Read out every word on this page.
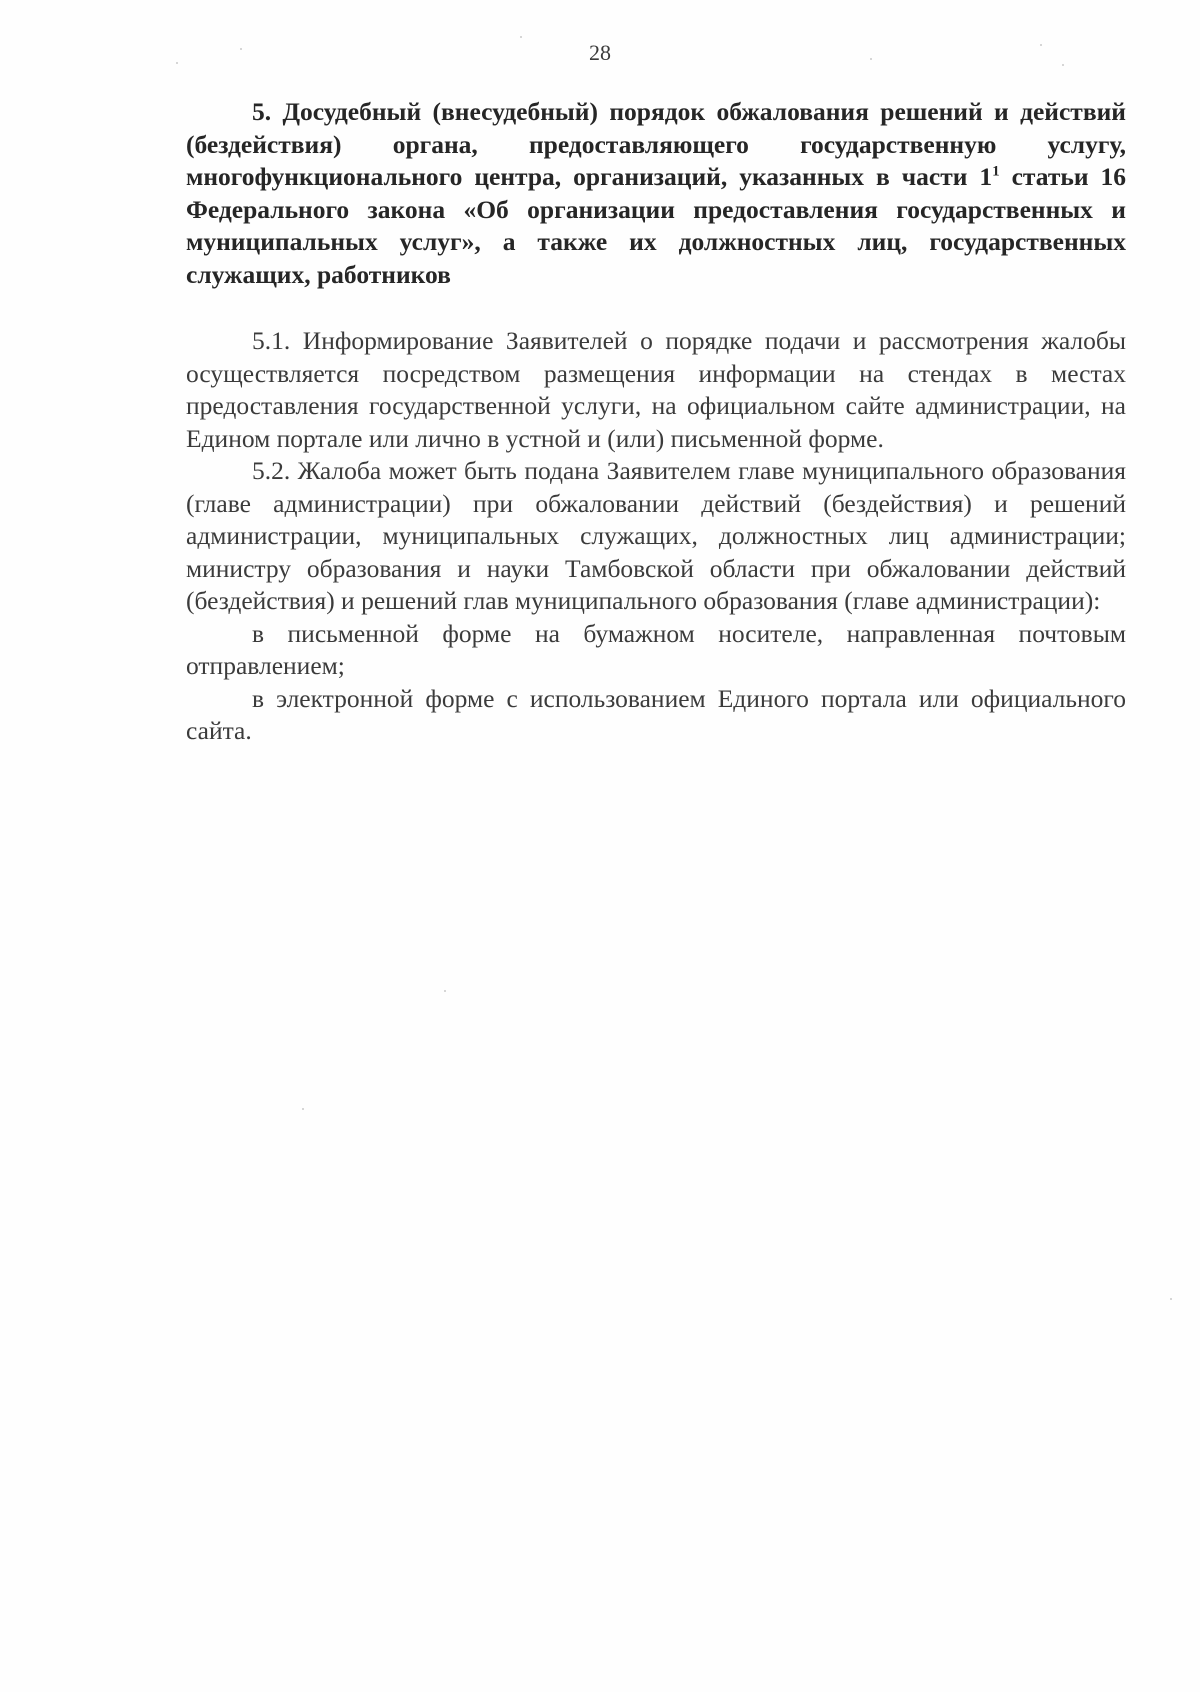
28

5. Досудебный (внесудебный) порядок обжалования решений и действий (бездействия) органа, предоставляющего государственную услугу, многофункционального центра, организаций, указанных в части $1^1$ статьи 16 Федерального закона «Об организации предоставления государственных и муниципальных услуг», а также их должностных лиц, государственных служащих, работников

5.1. Информирование Заявителей о порядке подачи и рассмотрения жалобы осуществляется посредством размещения информации на стендах в местах предоставления государственной услуги, на официальном сайте администрации, на Едином портале или лично в устной и (или) письменной форме.

5.2. Жалоба может быть подана Заявителем главе муниципального образования (главе администрации) при обжаловании действий (бездействия) и решений администрации, муниципальных служащих, должностных лиц администрации; министру образования и науки Тамбовской области при обжаловании действий (бездействия) и решений глав муниципального образования (главе администрации):

в письменной форме на бумажном носителе, направленная почтовым отправлением;

в электронной форме с использованием Единого портала или официального сайта.
